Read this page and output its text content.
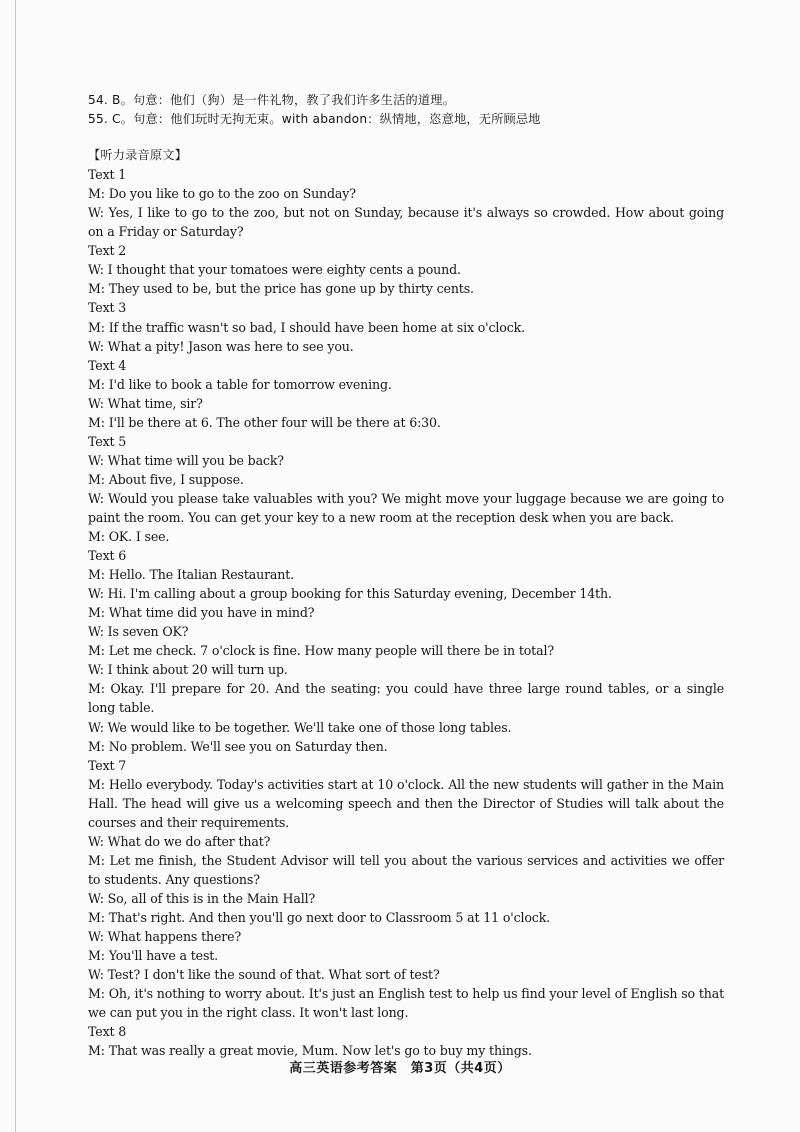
54. B。句意：他们（狗）是一件礼物，教了我们许多生活的道理。
55. C。句意：他们玩时无拘无束。with abandon：纵情地，恣意地，无所顾忌地
【听力录音原文】
Text 1
M: Do you like to go to the zoo on Sunday?
W: Yes, I like to go to the zoo, but not on Sunday, because it's always so crowded. How about going on a Friday or Saturday?
Text 2
W: I thought that your tomatoes were eighty cents a pound.
M: They used to be, but the price has gone up by thirty cents.
Text 3
M: If the traffic wasn't so bad, I should have been home at six o'clock.
W: What a pity! Jason was here to see you.
Text 4
M: I'd like to book a table for tomorrow evening.
W: What time, sir?
M: I'll be there at 6. The other four will be there at 6:30.
Text 5
W: What time will you be back?
M: About five, I suppose.
W: Would you please take valuables with you? We might move your luggage because we are going to paint the room. You can get your key to a new room at the reception desk when you are back.
M: OK. I see.
Text 6
M: Hello. The Italian Restaurant.
W: Hi. I'm calling about a group booking for this Saturday evening, December 14th.
M: What time did you have in mind?
W: Is seven OK?
M: Let me check. 7 o'clock is fine. How many people will there be in total?
W: I think about 20 will turn up.
M: Okay. I'll prepare for 20. And the seating: you could have three large round tables, or a single long table.
W: We would like to be together. We'll take one of those long tables.
M: No problem. We'll see you on Saturday then.
Text 7
M: Hello everybody. Today's activities start at 10 o'clock. All the new students will gather in the Main Hall. The head will give us a welcoming speech and then the Director of Studies will talk about the courses and their requirements.
W: What do we do after that?
M: Let me finish, the Student Advisor will tell you about the various services and activities we offer to students. Any questions?
W: So, all of this is in the Main Hall?
M: That's right. And then you'll go next door to Classroom 5 at 11 o'clock.
W: What happens there?
M: You'll have a test.
W: Test? I don't like the sound of that. What sort of test?
M: Oh, it's nothing to worry about. It's just an English test to help us find your level of English so that we can put you in the right class. It won't last long.
Text 8
M: That was really a great movie, Mum. Now let's go to buy my things.
高三英语参考答案　第3页（共4页）
